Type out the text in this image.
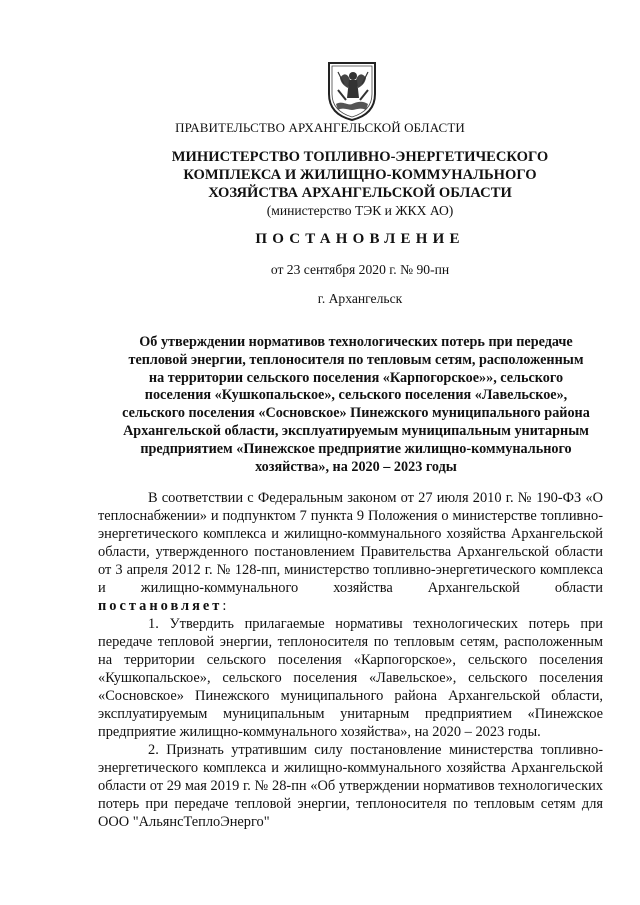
ПРАВИТЕЛЬСТВО АРХАНГЕЛЬСКОЙ ОБЛАСТИ
МИНИСТЕРСТВО ТОПЛИВНО-ЭНЕРГЕТИЧЕСКОГО
КОМПЛЕКСА И ЖИЛИЩНО-КОММУНАЛЬНОГО
ХОЗЯЙСТВА АРХАНГЕЛЬСКОЙ ОБЛАСТИ
(министерство ТЭК и ЖКХ АО)
ПОСТАНОВЛЕНИЕ
от 23 сентября 2020 г. № 90-пн
г. Архангельск
Об утверждении нормативов технологических потерь при передаче
тепловой энергии, теплоносителя по тепловым сетям, расположенным
на территории сельского поселения «Карпогорское»», сельского
поселения «Кушкопальское», сельского поселения «Лавельское»,
сельского поселения «Сосновское» Пинежского муниципального района
Архангельской области, эксплуатируемым муниципальным унитарным
предприятием «Пинежское предприятие жилищно-коммунального
хозяйства», на 2020 – 2023 годы

В соответствии с Федеральным законом от 27 июля 2010 г. № 190-ФЗ «О теплоснабжении» и подпунктом 7 пункта 9 Положения о министерстве топливно-энергетического комплекса и жилищно-коммунального хозяйства Архангельской области, утвержденного постановлением Правительства Архангельской области от 3 апреля 2012 г. № 128-пп, министерство топливно-энергетического комплекса и жилищно-коммунального хозяйства Архангельской области постановляет:

1. Утвердить прилагаемые нормативы технологических потерь при передаче тепловой энергии, теплоносителя по тепловым сетям, расположенным на территории сельского поселения «Карпогорское», сельского поселения «Кушкопальское», сельского поселения «Лавельское», сельского поселения «Сосновское» Пинежского муниципального района Архангельской области, эксплуатируемым муниципальным унитарным предприятием «Пинежское предприятие жилищно-коммунального хозяйства», на 2020 – 2023 годы.

2. Признать утратившим силу постановление министерства топливно-энергетического комплекса и жилищно-коммунального хозяйства Архангельской области от 29 мая 2019 г. № 28-пн «Об утверждении нормативов технологических потерь при передаче тепловой энергии, теплоносителя по тепловым сетям для ООО "АльянсТеплоЭнерго"
